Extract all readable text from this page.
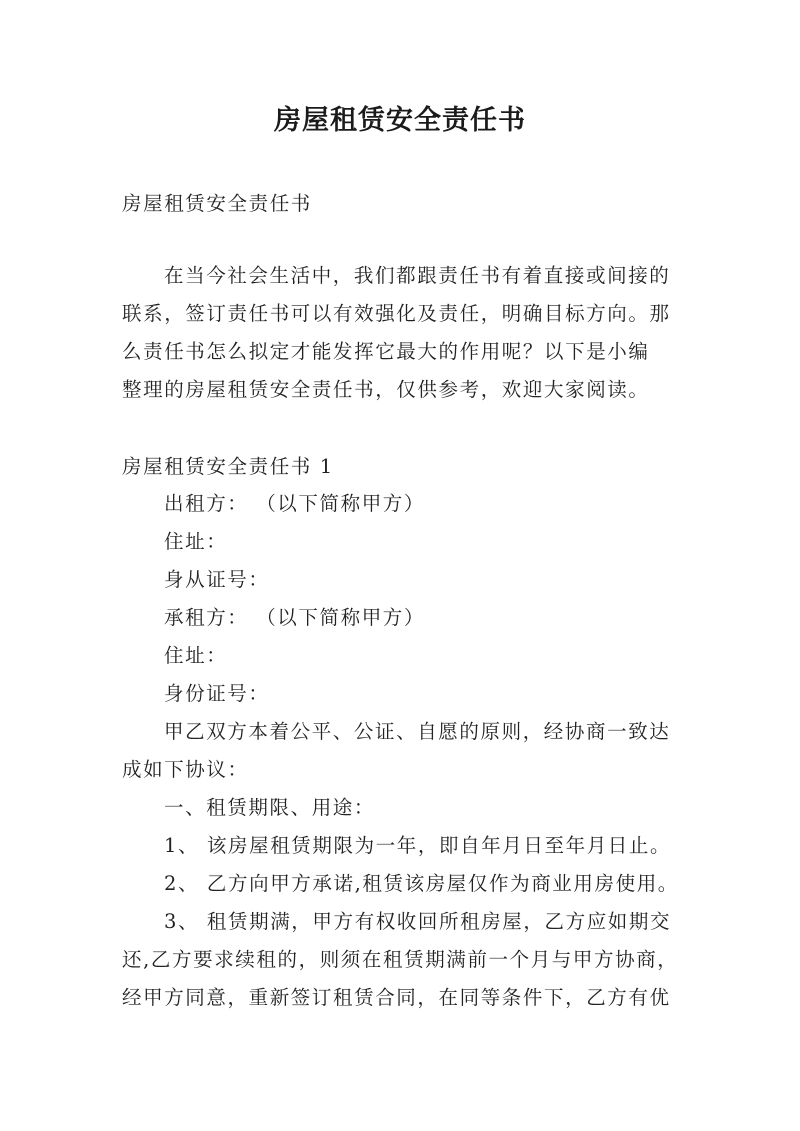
房屋租赁安全责任书

房屋租赁安全责任书

在当今社会生活中，我们都跟责任书有着直接或间接的

联系，签订责任书可以有效强化及责任，明确目标方向。那

么责任书怎么拟定才能发挥它最大的作用呢？以下是小编

整理的房屋租赁安全责任书，仅供参考，欢迎大家阅读。

房屋租赁安全责任书 1

出租方： （以下简称甲方）

住址：

身从证号：

承租方： （以下简称甲方）

住址：

身份证号：

甲乙双方本着公平、公证、自愿的原则，经协商一致达

成如下协议：

一、租赁期限、用途：

1、 该房屋租赁期限为一年，即自年月日至年月日止。

2、 乙方向甲方承诺,租赁该房屋仅作为商业用房使用。

3、 租赁期满，甲方有权收回所租房屋，乙方应如期交

还,乙方要求续租的，则须在租赁期满前一个月与甲方协商，

经甲方同意，重新签订租赁合同，在同等条件下，乙方有优
